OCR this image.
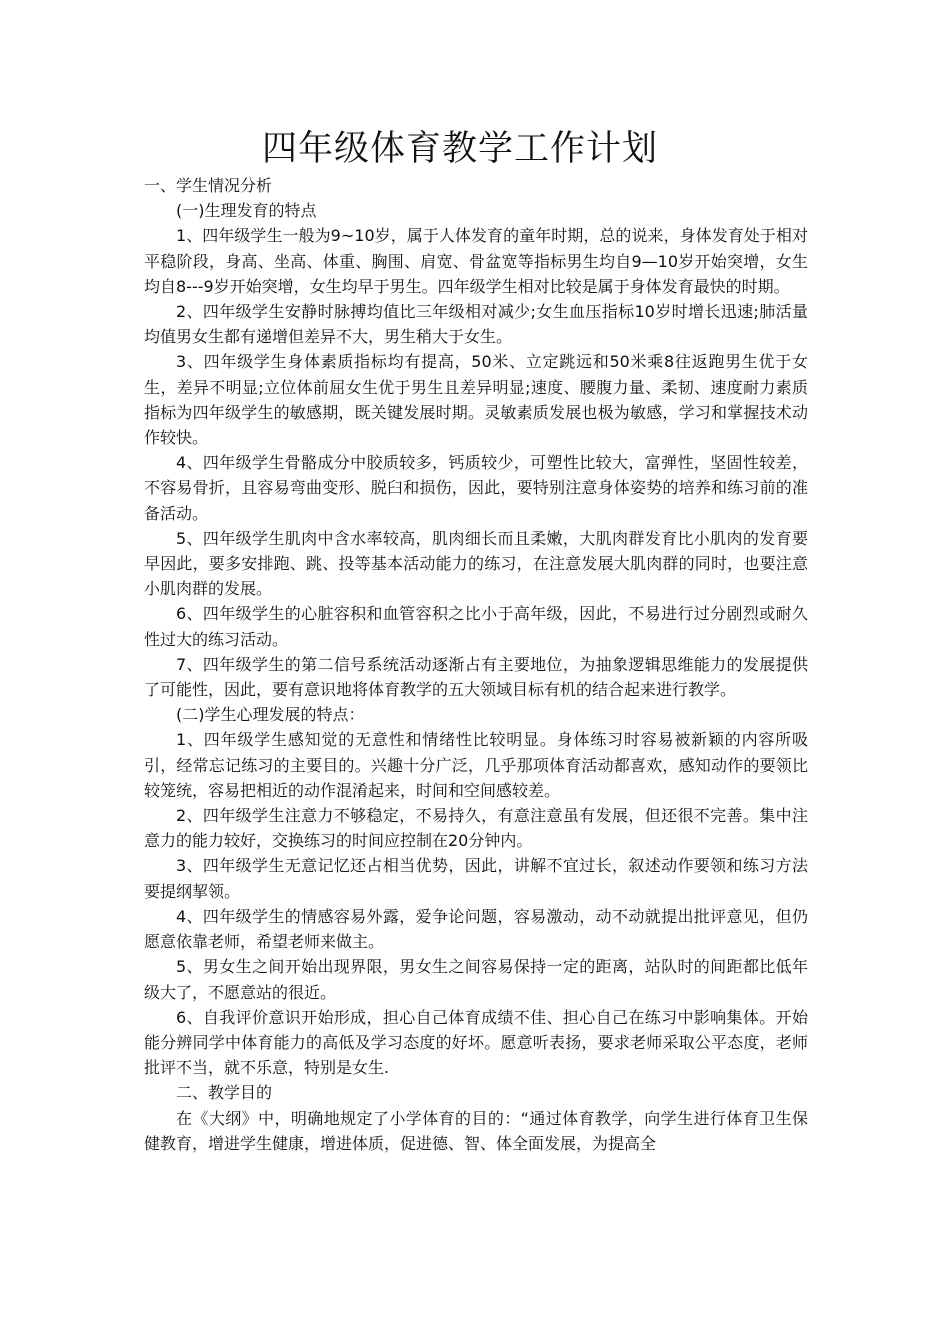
四年级体育教学工作计划

一、学生情况分析

(一)生理发育的特点

1、四年级学生一般为9~10岁，属于人体发育的童年时期，总的说来，身体发育处于相对平稳阶段，身高、坐高、体重、胸围、肩宽、骨盆宽等指标男生均自9—10岁开始突增，女生均自8---9岁开始突增，女生均早于男生。四年级学生相对比较是属于身体发育最快的时期。

2、四年级学生安静时脉搏均值比三年级相对减少;女生血压指标10岁时增长迅速;肺活量均值男女生都有递增但差异不大，男生稍大于女生。

3、四年级学生身体素质指标均有提高，50米、立定跳远和50米乘8往返跑男生优于女生，差异不明显;立位体前屈女生优于男生且差异明显;速度、腰腹力量、柔韧、速度耐力素质指标为四年级学生的敏感期，既关键发展时期。灵敏素质发展也极为敏感，学习和掌握技术动作较快。

4、四年级学生骨骼成分中胶质较多，钙质较少，可塑性比较大，富弹性，坚固性较差，不容易骨折，且容易弯曲变形、脱臼和损伤，因此，要特别注意身体姿势的培养和练习前的准备活动。

5、四年级学生肌肉中含水率较高，肌肉细长而且柔嫩，大肌肉群发育比小肌肉的发育要早因此，要多安排跑、跳、投等基本活动能力的练习，在注意发展大肌肉群的同时，也要注意小肌肉群的发展。

6、四年级学生的心脏容积和血管容积之比小于高年级，因此，不易进行过分剧烈或耐久性过大的练习活动。

7、四年级学生的第二信号系统活动逐渐占有主要地位，为抽象逻辑思维能力的发展提供了可能性，因此，要有意识地将体育教学的五大领域目标有机的结合起来进行教学。

(二)学生心理发展的特点：

1、四年级学生感知觉的无意性和情绪性比较明显。身体练习时容易被新颖的内容所吸引，经常忘记练习的主要目的。兴趣十分广泛，几乎那项体育活动都喜欢，感知动作的要领比较笼统，容易把相近的动作混淆起来，时间和空间感较差。

2、四年级学生注意力不够稳定，不易持久，有意注意虽有发展，但还很不完善。集中注意力的能力较好，交换练习的时间应控制在20分钟内。

3、四年级学生无意记忆还占相当优势，因此，讲解不宜过长，叙述动作要领和练习方法要提纲挈领。

4、四年级学生的情感容易外露，爱争论问题，容易激动，动不动就提出批评意见，但仍愿意依靠老师，希望老师来做主。

5、男女生之间开始出现界限，男女生之间容易保持一定的距离，站队时的间距都比低年级大了，不愿意站的很近。

6、自我评价意识开始形成，担心自己体育成绩不佳、担心自己在练习中影响集体。开始能分辨同学中体育能力的高低及学习态度的好坏。愿意听表扬，要求老师采取公平态度，老师批评不当，就不乐意，特别是女生.

二、教学目的

在《大纲》中，明确地规定了小学体育的目的：“通过体育教学，向学生进行体育卫生保健教育，增进学生健康，增进体质，促进德、智、体全面发展，为提高全
